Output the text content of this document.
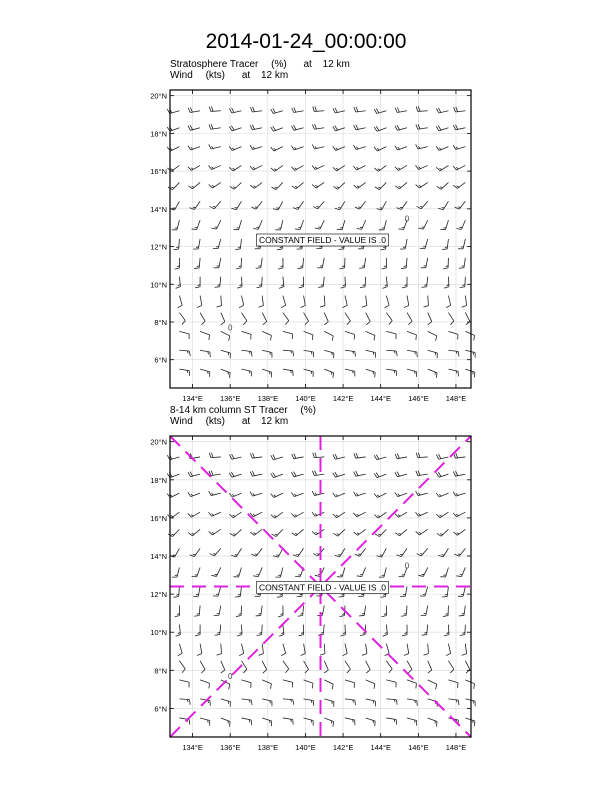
2014-01-24_00:00:00
Stratosphere Tracer (%) at 12 km
Wind (kts) at 12 km
8-14 km column ST Tracer (%)
Wind (kts) at 12 km
0
0
CONSTANT FIELD - VALUE IS .0
6°N
8°N
10°N
12°N
14°N
16°N
18°N
20°N
134°E 136°E 138°E 140°E 142°E 144°E 146°E 148°E
0
0
CONSTANT FIELD - VALUE IS .0
6°N
8°N
10°N
12°N
14°N
16°N
18°N
20°N
134°E 136°E 138°E 140°E 142°E 144°E 146°E 148°E
